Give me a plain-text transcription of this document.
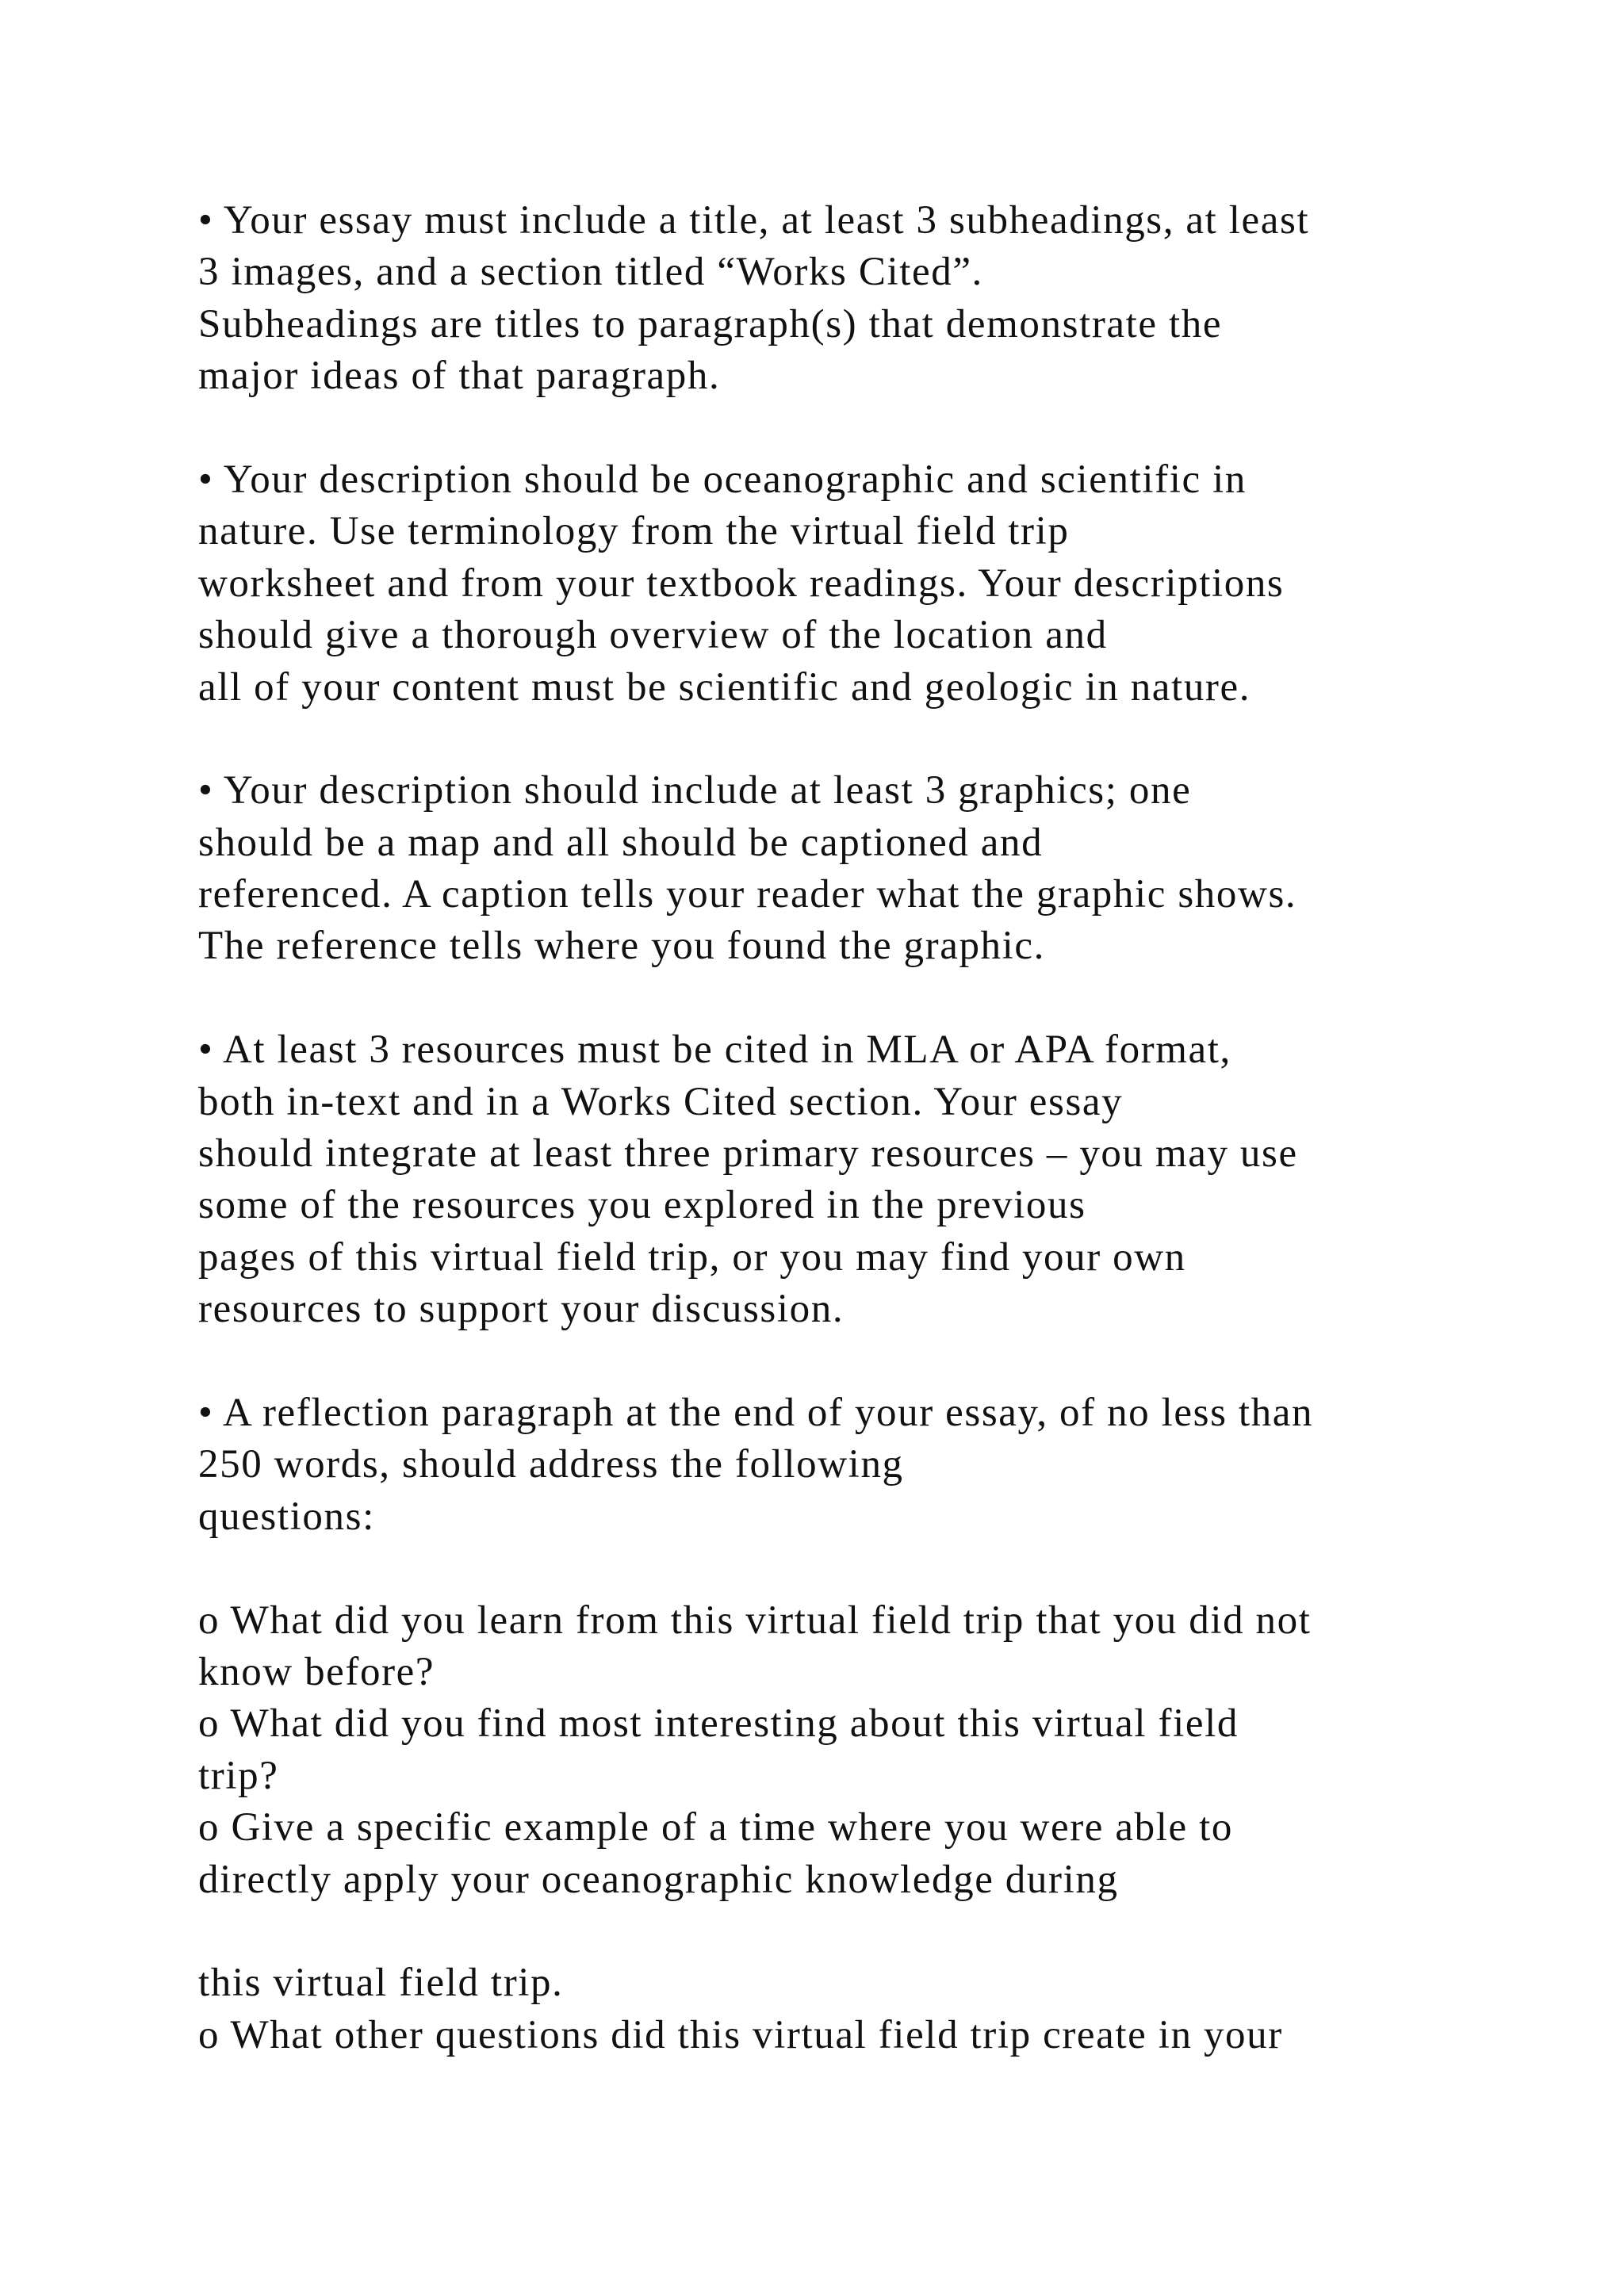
• Your essay must include a title, at least 3 subheadings, at least
3 images, and a section titled “Works Cited”.
Subheadings are titles to paragraph(s) that demonstrate the
major ideas of that paragraph.
• Your description should be oceanographic and scientific in
nature. Use terminology from the virtual field trip
worksheet and from your textbook readings. Your descriptions
should give a thorough overview of the location and
all of your content must be scientific and geologic in nature.
• Your description should include at least 3 graphics; one
should be a map and all should be captioned and
referenced. A caption tells your reader what the graphic shows.
The reference tells where you found the graphic.
• At least 3 resources must be cited in MLA or APA format,
both in-text and in a Works Cited section. Your essay
should integrate at least three primary resources – you may use
some of the resources you explored in the previous
pages of this virtual field trip, or you may find your own
resources to support your discussion.
• A reflection paragraph at the end of your essay, of no less than
250 words, should address the following
questions:
o What did you learn from this virtual field trip that you did not
know before?
o What did you find most interesting about this virtual field
trip?
o Give a specific example of a time where you were able to
directly apply your oceanographic knowledge during
this virtual field trip.
o What other questions did this virtual field trip create in your
